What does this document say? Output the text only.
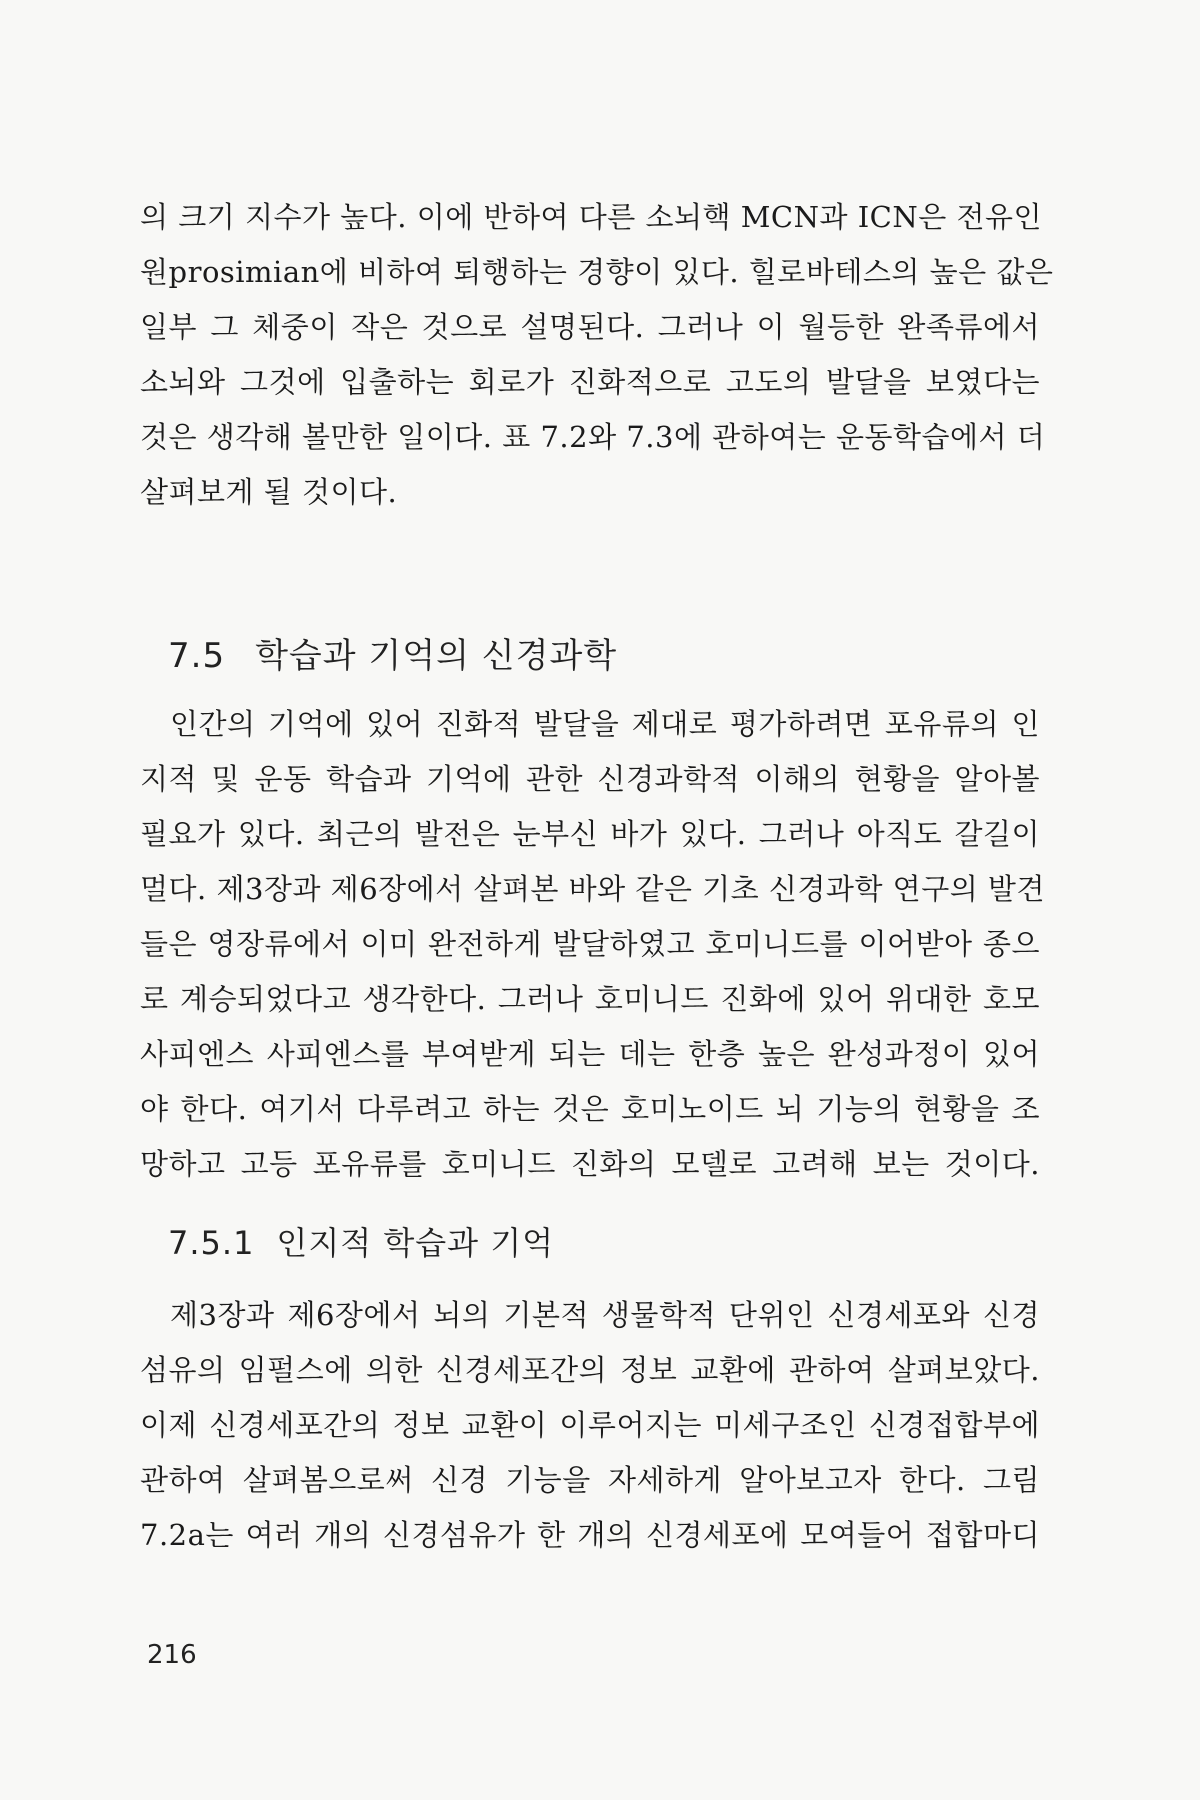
의 크기 지수가 높다. 이에 반하여 다른 소뇌핵 MCN과 ICN은 전유인
원prosimian에 비하여 퇴행하는 경향이 있다. 힐로바테스의 높은 값은
일부 그 체중이 작은 것으로 설명된다. 그러나 이 월등한 완족류에서
소뇌와 그것에 입출하는 회로가 진화적으로 고도의 발달을 보였다는
것은 생각해 볼만한 일이다. 표 7.2와 7.3에 관하여는 운동학습에서 더
살펴보게 될 것이다.
7.5 학습과 기억의 신경과학
인간의 기억에 있어 진화적 발달을 제대로 평가하려면 포유류의 인
지적 및 운동 학습과 기억에 관한 신경과학적 이해의 현황을 알아볼
필요가 있다. 최근의 발전은 눈부신 바가 있다. 그러나 아직도 갈길이
멀다. 제3장과 제6장에서 살펴본 바와 같은 기초 신경과학 연구의 발견
들은 영장류에서 이미 완전하게 발달하였고 호미니드를 이어받아 종으
로 계승되었다고 생각한다. 그러나 호미니드 진화에 있어 위대한 호모
사피엔스 사피엔스를 부여받게 되는 데는 한층 높은 완성과정이 있어
야 한다. 여기서 다루려고 하는 것은 호미노이드 뇌 기능의 현황을 조
망하고 고등 포유류를 호미니드 진화의 모델로 고려해 보는 것이다.
7.5.1 인지적 학습과 기억
제3장과 제6장에서 뇌의 기본적 생물학적 단위인 신경세포와 신경
섬유의 임펄스에 의한 신경세포간의 정보 교환에 관하여 살펴보았다.
이제 신경세포간의 정보 교환이 이루어지는 미세구조인 신경접합부에
관하여 살펴봄으로써 신경 기능을 자세하게 알아보고자 한다. 그림
7.2a는 여러 개의 신경섬유가 한 개의 신경세포에 모여들어 접합마디
216
